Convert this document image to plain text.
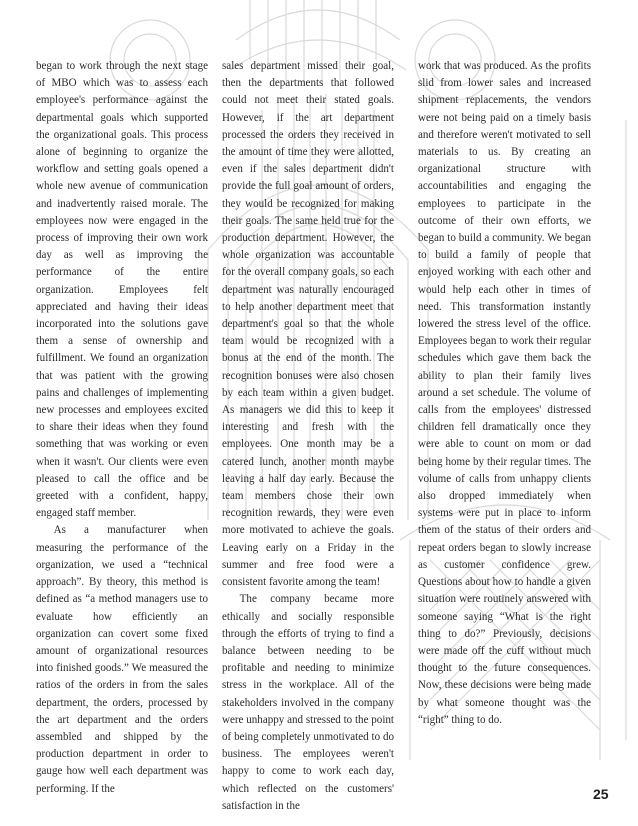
began to work through the next stage of MBO which was to assess each employee's performance against the departmental goals which supported the organizational goals. This process alone of beginning to organize the workflow and setting goals opened a whole new avenue of communication and inadvertently raised morale. The employees now were engaged in the process of improving their own work day as well as improving the performance of the entire organization. Employees felt appreciated and having their ideas incorporated into the solutions gave them a sense of ownership and fulfillment. We found an organization that was patient with the growing pains and challenges of implementing new processes and employees excited to share their ideas when they found something that was working or even when it wasn't. Our clients were even pleased to call the office and be greeted with a confident, happy, engaged staff member.

As a manufacturer when measuring the performance of the organization, we used a “technical approach”. By theory, this method is defined as “a method managers use to evaluate how efficiently an organization can covert some fixed amount of organizational resources into finished goods.” We measured the ratios of the orders in from the sales department, the orders, processed by the art department and the orders assembled and shipped by the production department in order to gauge how well each department was performing. If the

sales department missed their goal, then the departments that followed could not meet their stated goals. However, if the art department processed the orders they received in the amount of time they were allotted, even if the sales department didn't provide the full goal amount of orders, they would be recognized for making their goals. The same held true for the production department. However, the whole organization was accountable for the overall company goals, so each department was naturally encouraged to help another department meet that department's goal so that the whole team would be recognized with a bonus at the end of the month. The recognition bonuses were also chosen by each team within a given budget. As managers we did this to keep it interesting and fresh with the employees. One month may be a catered lunch, another month maybe leaving a half day early. Because the team members chose their own recognition rewards, they were even more motivated to achieve the goals. Leaving early on a Friday in the summer and free food were a consistent favorite among the team!

The company became more ethically and socially responsible through the efforts of trying to find a balance between needing to be profitable and needing to minimize stress in the workplace. All of the stakeholders involved in the company were unhappy and stressed to the point of being completely unmotivated to do business. The employees weren't happy to come to work each day, which reflected on the customers' satisfaction in the

work that was produced. As the profits slid from lower sales and increased shipment replacements, the vendors were not being paid on a timely basis and therefore weren't motivated to sell materials to us. By creating an organizational structure with accountabilities and engaging the employees to participate in the outcome of their own efforts, we began to build a community. We began to build a family of people that enjoyed working with each other and would help each other in times of need. This transformation instantly lowered the stress level of the office. Employees began to work their regular schedules which gave them back the ability to plan their family lives around a set schedule. The volume of calls from the employees' distressed children fell dramatically once they were able to count on mom or dad being home by their regular times. The volume of calls from unhappy clients also dropped immediately when systems were put in place to inform them of the status of their orders and repeat orders began to slowly increase as customer confidence grew. Questions about how to handle a given situation were routinely answered with someone saying “What is the right thing to do?” Previously, decisions were made off the cuff without much thought to the future consequences. Now, these decisions were being made by what someone thought was the “right” thing to do.

25
